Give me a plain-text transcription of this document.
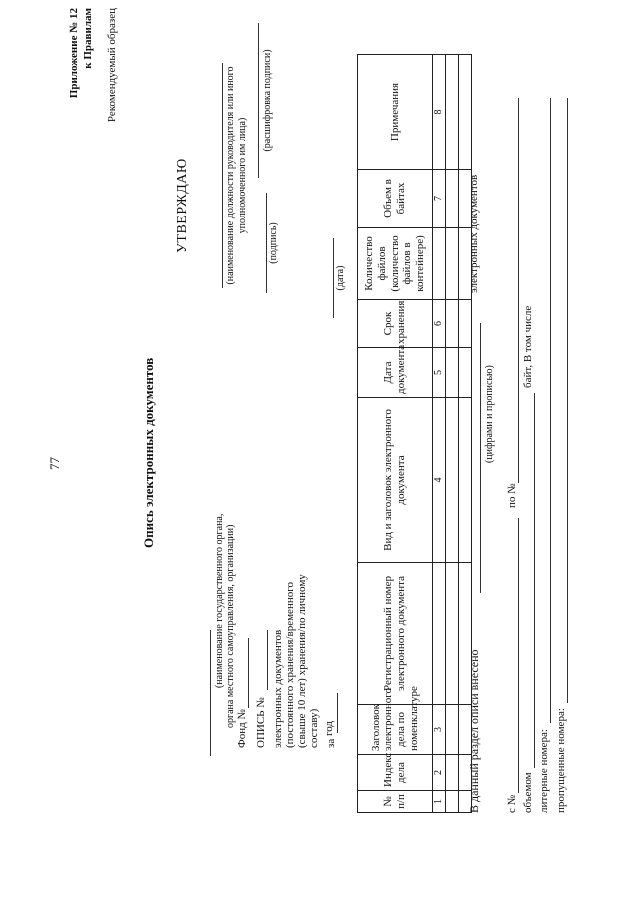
77
Приложение № 12 к Правилам Рекомендуемый образец
Опись электронных документов
УТВЕРЖДАЮ	(наименование должности руководителя или иного уполномоченного им лица)
(подпись)
(расшифровка подписи)
(дата)
(наименование государственного органа, органа местного самоуправления, организации)
Фонд № ОПИСЬ № электронных документов (постоянного хранения/временного (свыше 10 лет) хранения/по личному составу) за
год
№ п/п	Индекс дела	Заголовок электронного дела по номенклатуре	Регистрационный номер электронного документа	Вид и заголовок электронного документа	Дата документа	Срок хранения	Количество файлов (количество файлов в контейнере)	Объем в байтах	Примечания
1	2	3		4	5	6		7	8

В данный раздел описи внесено
(цифрами и прописью)
электронных документов
с №
по №
объемом
байт, В том числе
литерные номера: пропущенные номера:
